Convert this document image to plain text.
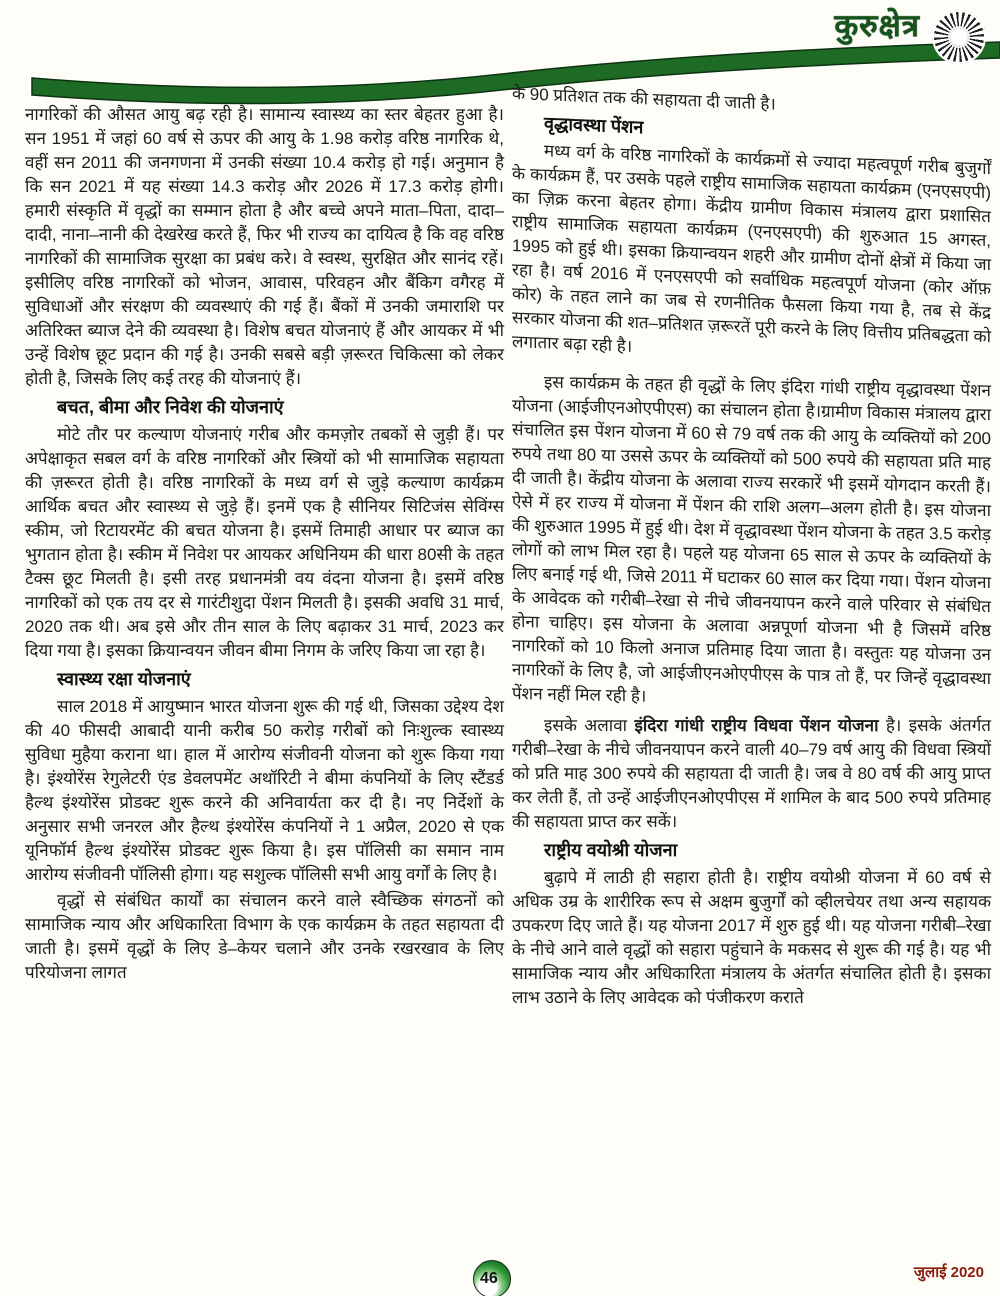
कुरुक्षेत्र

नागरिकों की औसत आयु बढ़ रही है। सामान्य स्वास्थ्य का स्तर बेहतर हुआ है। सन 1951 में जहां 60 वर्ष से ऊपर की आयु के 1.98 करोड़ वरिष्ठ नागरिक थे, वहीं सन 2011 की जनगणना में उनकी संख्या 10.4 करोड़ हो गई। अनुमान है कि सन 2021 में यह संख्या 14.3 करोड़ और 2026 में 17.3 करोड़ होगी। हमारी संस्कृति में वृद्धों का सम्मान होता है और बच्चे अपने माता–पिता, दादा–दादी, नाना–नानी की देखरेख करते हैं, फिर भी राज्य का दायित्व है कि वह वरिष्ठ नागरिकों की सामाजिक सुरक्षा का प्रबंध करे। वे स्वस्थ, सुरक्षित और सानंद रहें। इसीलिए वरिष्ठ नागरिकों को भोजन, आवास, परिवहन और बैंकिग वगैरह में सुविधाओं और संरक्षण की व्यवस्थाएं की गई हैं। बैंकों में उनकी जमाराशि पर अतिरिक्त ब्याज देने की व्यवस्था है। विशेष बचत योजनाएं हैं और आयकर में भी उन्हें विशेष छूट प्रदान की गई है। उनकी सबसे बड़ी ज़रूरत चिकित्सा को लेकर होती है, जिसके लिए कई तरह की योजनाएं हैं।

बचत, बीमा और निवेश की योजनाएं

मोटे तौर पर कल्याण योजनाएं गरीब और कमज़ोर तबकों से जुड़ी हैं। पर अपेक्षाकृत सबल वर्ग के वरिष्ठ नागरिकों और स्त्रियों को भी सामाजिक सहायता की ज़रूरत होती है। वरिष्ठ नागरिकों के मध्य वर्ग से जुड़े कल्याण कार्यक्रम आर्थिक बचत और स्वास्थ्य से जुड़े हैं। इनमें एक है सीनियर सिटिजंस सेविंग्स स्कीम, जो रिटायरमेंट की बचत योजना है। इसमें तिमाही आधार पर ब्याज का भुगतान होता है। स्कीम में निवेश पर आयकर अधिनियम की धारा 80सी के तहत टैक्स छूट मिलती है। इसी तरह प्रधानमंत्री वय वंदना योजना है। इसमें वरिष्ठ नागरिकों को एक तय दर से गारंटीशुदा पेंशन मिलती है। इसकी अवधि 31 मार्च, 2020 तक थी। अब इसे और तीन साल के लिए बढ़ाकर 31 मार्च, 2023 कर दिया गया है। इसका क्रियान्वयन जीवन बीमा निगम के जरिए किया जा रहा है।

स्वास्थ्य रक्षा योजनाएं

साल 2018 में आयुष्मान भारत योजना शुरू की गई थी, जिसका उद्देश्य देश की 40 फीसदी आबादी यानी करीब 50 करोड़ गरीबों को निःशुल्क स्वास्थ्य सुविधा मुहैया कराना था। हाल में आरोग्य संजीवनी योजना को शुरू किया गया है। इंश्योरेंस रेगुलेटरी एंड डेवलपमेंट अथॉरिटी ने बीमा कंपनियों के लिए स्टैंडर्ड हैल्थ इंश्योरेंस प्रोडक्ट शुरू करने की अनिवार्यता कर दी है। नए निर्देशों के अनुसार सभी जनरल और हैल्थ इंश्योरेंस कंपनियों ने 1 अप्रैल, 2020 से एक यूनिफॉर्म हैल्थ इंश्योरेंस प्रोडक्ट शुरू किया है। इस पॉलिसी का समान नाम आरोग्य संजीवनी पॉलिसी होगा। यह सशुल्क पॉलिसी सभी आयु वर्गों के लिए है।

वृद्धों से संबंधित कार्यों का संचालन करने वाले स्वैच्छिक संगठनों को सामाजिक न्याय और अधिकारिता विभाग के एक कार्यक्रम के तहत सहायता दी जाती है। इसमें वृद्धों के लिए डे–केयर चलाने और उनके रखरखाव के लिए परियोजना लागत

के 90 प्रतिशत तक की सहायता दी जाती है।

वृद्धावस्था पेंशन

मध्य वर्ग के वरिष्ठ नागरिकों के कार्यक्रमों से ज्यादा महत्वपूर्ण गरीब बुजुर्गों के कार्यक्रम हैं, पर उसके पहले राष्ट्रीय सामाजिक सहायता कार्यक्रम (एनएसएपी) का ज़िक्र करना बेहतर होगा। केंद्रीय ग्रामीण विकास मंत्रालय द्वारा प्रशासित राष्ट्रीय सामाजिक सहायता कार्यक्रम (एनएसएपी) की शुरुआत 15 अगस्त, 1995 को हुई थी। इसका क्रियान्वयन शहरी और ग्रामीण दोनों क्षेत्रों में किया जा रहा है। वर्ष 2016 में एनएसएपी को सर्वाधिक महत्वपूर्ण योजना (कोर ऑफ़ कोर) के तहत लाने का जब से रणनीतिक फैसला किया गया है, तब से केंद्र सरकार योजना की शत–प्रतिशत ज़रूरतें पूरी करने के लिए वित्तीय प्रतिबद्धता को लगातार बढ़ा रही है।

इस कार्यक्रम के तहत ही वृद्धों के लिए इंदिरा गांधी राष्ट्रीय वृद्धावस्था पेंशन योजना (आईजीएनओएपीएस) का संचालन होता है।ग्रामीण विकास मंत्रालय द्वारा संचालित इस पेंशन योजना में 60 से 79 वर्ष तक की आयु के व्यक्तियों को 200 रुपये तथा 80 या उससे ऊपर के व्यक्तियों को 500 रुपये की सहायता प्रति माह दी जाती है। केंद्रीय योजना के अलावा राज्य सरकारें भी इसमें योगदान करती हैं। ऐसे में हर राज्य में योजना में पेंशन की राशि अलग–अलग होती है। इस योजना की शुरुआत 1995 में हुई थी। देश में वृद्धावस्था पेंशन योजना के तहत 3.5 करोड़ लोगों को लाभ मिल रहा है। पहले यह योजना 65 साल से ऊपर के व्यक्तियों के लिए बनाई गई थी, जिसे 2011 में घटाकर 60 साल कर दिया गया। पेंशन योजना के आवेदक को गरीबी–रेखा से नीचे जीवनयापन करने वाले परिवार से संबंधित होना चाहिए। इस योजना के अलावा अन्नपूर्णा योजना भी है जिसमें वरिष्ठ नागरिकों को 10 किलो अनाज प्रतिमाह दिया जाता है। वस्तुतः यह योजना उन नागरिकों के लिए है, जो आईजीएनओएपीएस के पात्र तो हैं, पर जिन्हें वृद्धावस्था पेंशन नहीं मिल रही है।

इसके अलावा इंदिरा गांधी राष्ट्रीय विधवा पेंशन योजना है। इसके अंतर्गत गरीबी–रेखा के नीचे जीवनयापन करने वाली 40–79 वर्ष आयु की विधवा स्त्रियों को प्रति माह 300 रुपये की सहायता दी जाती है। जब वे 80 वर्ष की आयु प्राप्त कर लेती हैं, तो उन्हें आईजीएनओएपीएस में शामिल के बाद 500 रुपये प्रतिमाह की सहायता प्राप्त कर सकें।

राष्ट्रीय वयोश्री योजना

बुढ़ापे में लाठी ही सहारा होती है। राष्ट्रीय वयोश्री योजना में 60 वर्ष से अधिक उम्र के शारीरिक रूप से अक्षम बुजुर्गों को व्हीलचेयर तथा अन्य सहायक उपकरण दिए जाते हैं। यह योजना 2017 में शुरु हुई थी। यह योजना गरीबी–रेखा के नीचे आने वाले वृद्धों को सहारा पहुंचाने के मकसद से शुरू की गई है। यह भी सामाजिक न्याय और अधिकारिता मंत्रालय के अंतर्गत संचालित होती है। इसका लाभ उठाने के लिए आवेदक को पंजीकरण कराते

46	जुलाई 2020
